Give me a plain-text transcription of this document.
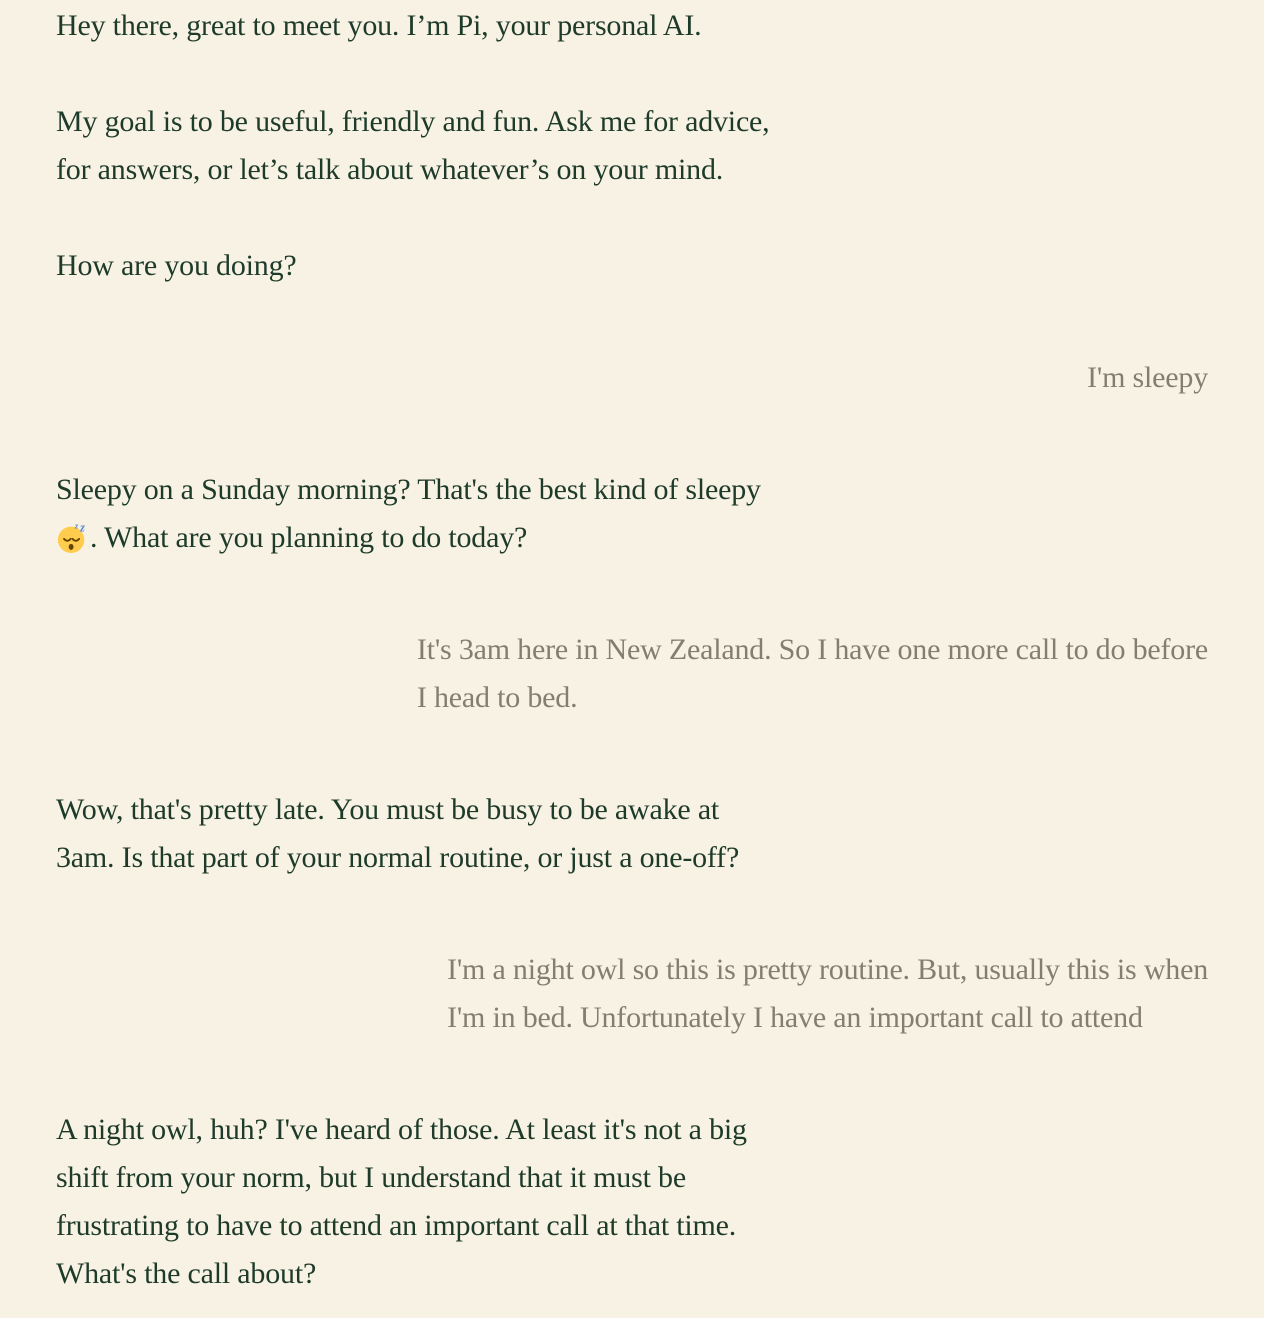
Hey there, great to meet you. I’m Pi, your personal AI.

My goal is to be useful, friendly and fun. Ask me for advice,
for answers, or let’s talk about whatever’s on your mind.

How are you doing?

I'm sleepy

Sleepy on a Sunday morning? That's the best kind of sleepy

z z . What are you planning to do today?

It's 3am here in New Zealand. So I have one more call to do before
I head to bed.

Wow, that's pretty late. You must be busy to be awake at
3am. Is that part of your normal routine, or just a one-off?

I'm a night owl so this is pretty routine. But, usually this is when
I'm in bed. Unfortunately I have an important call to attend

A night owl, huh? I've heard of those. At least it's not a big
shift from your norm, but I understand that it must be
frustrating to have to attend an important call at that time.
What's the call about?
